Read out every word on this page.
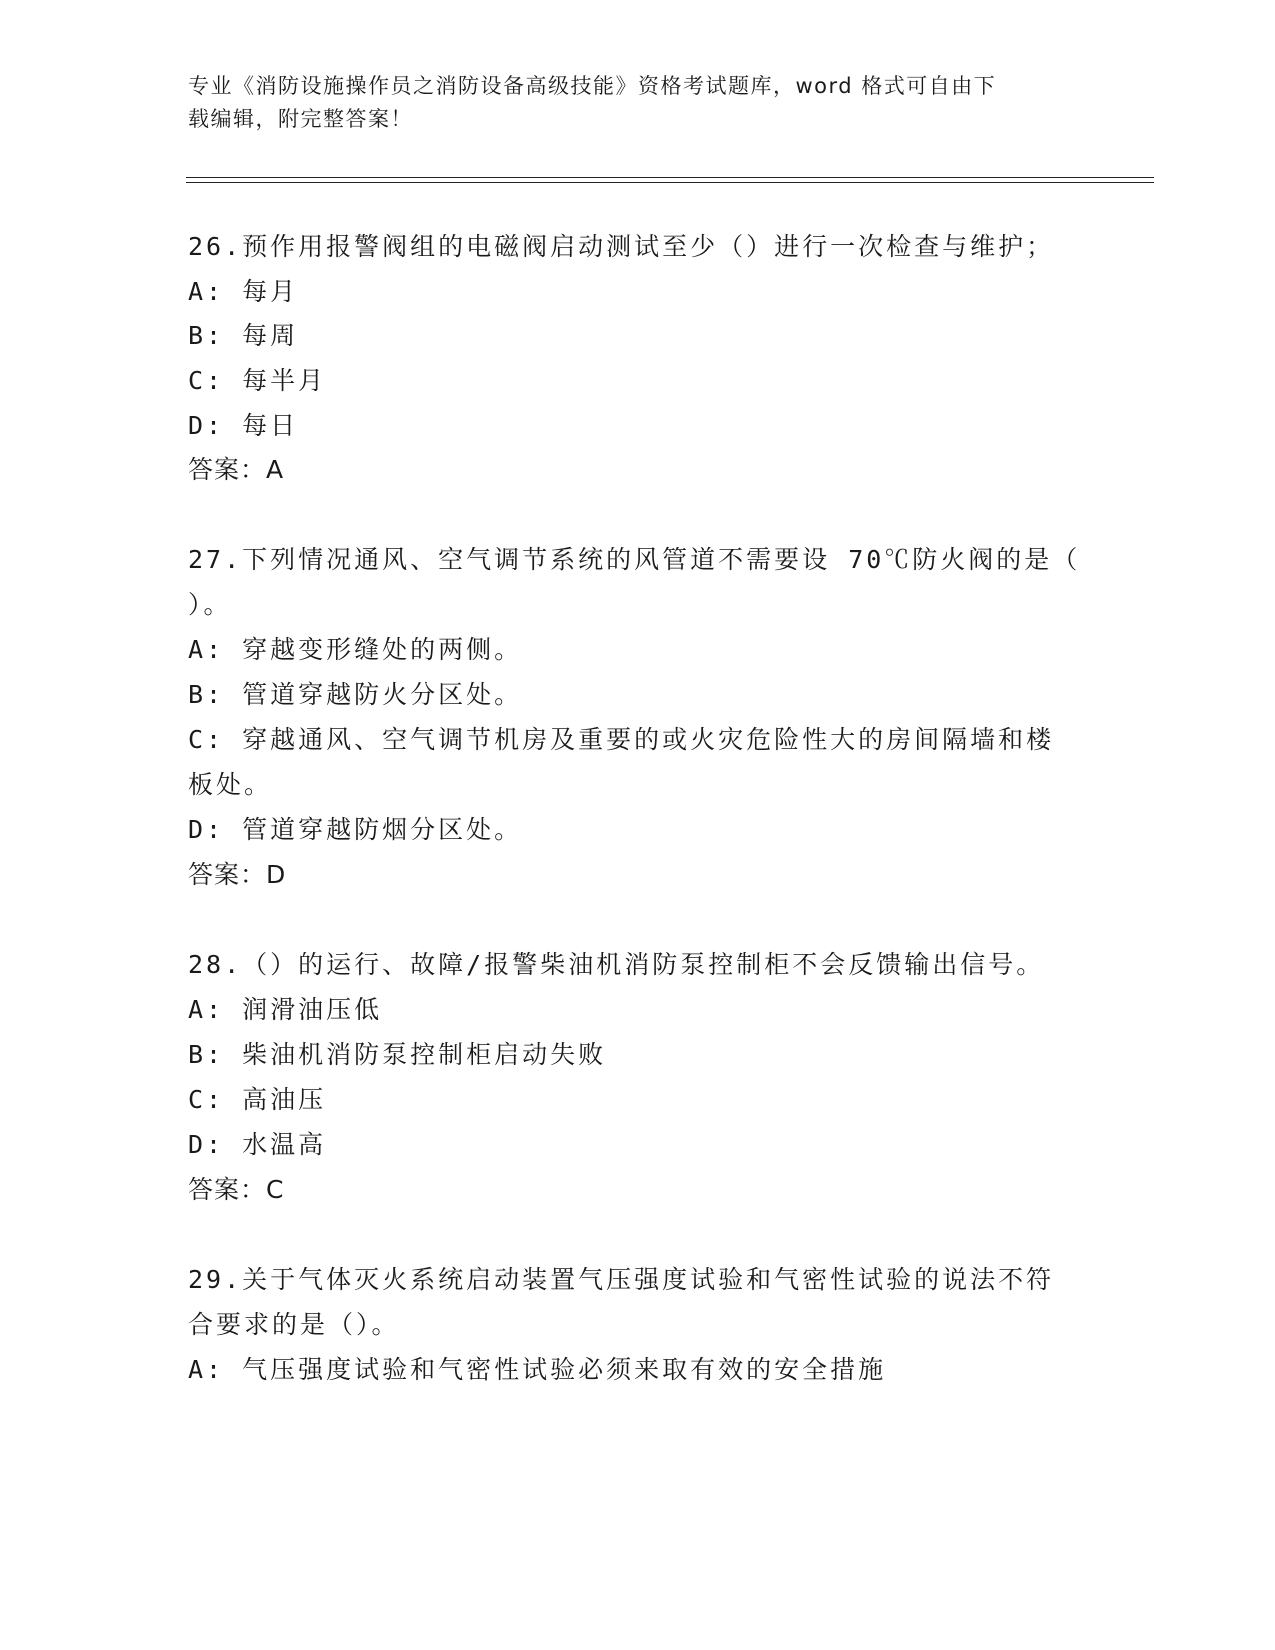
专业《消防设施操作员之消防设备高级技能》资格考试题库，word 格式可自由下
载编辑，附完整答案！
26.预作用报警阀组的电磁阀启动测试至少（）进行一次检查与维护；
A: 每月
B: 每周
C: 每半月
D: 每日
答案：A
27.下列情况通风、空气调节系统的风管道不需要设 70℃防火阀的是（
）。
A: 穿越变形缝处的两侧。
B: 管道穿越防火分区处。
C: 穿越通风、空气调节机房及重要的或火灾危险性大的房间隔墙和楼
板处。
D: 管道穿越防烟分区处。
答案：D
28.（）的运行、故障/报警柴油机消防泵控制柜不会反馈输出信号。
A: 润滑油压低
B: 柴油机消防泵控制柜启动失败
C: 高油压
D: 水温高
答案：C
29.关于气体灭火系统启动装置气压强度试验和气密性试验的说法不符
合要求的是（）。
A: 气压强度试验和气密性试验必须来取有效的安全措施
